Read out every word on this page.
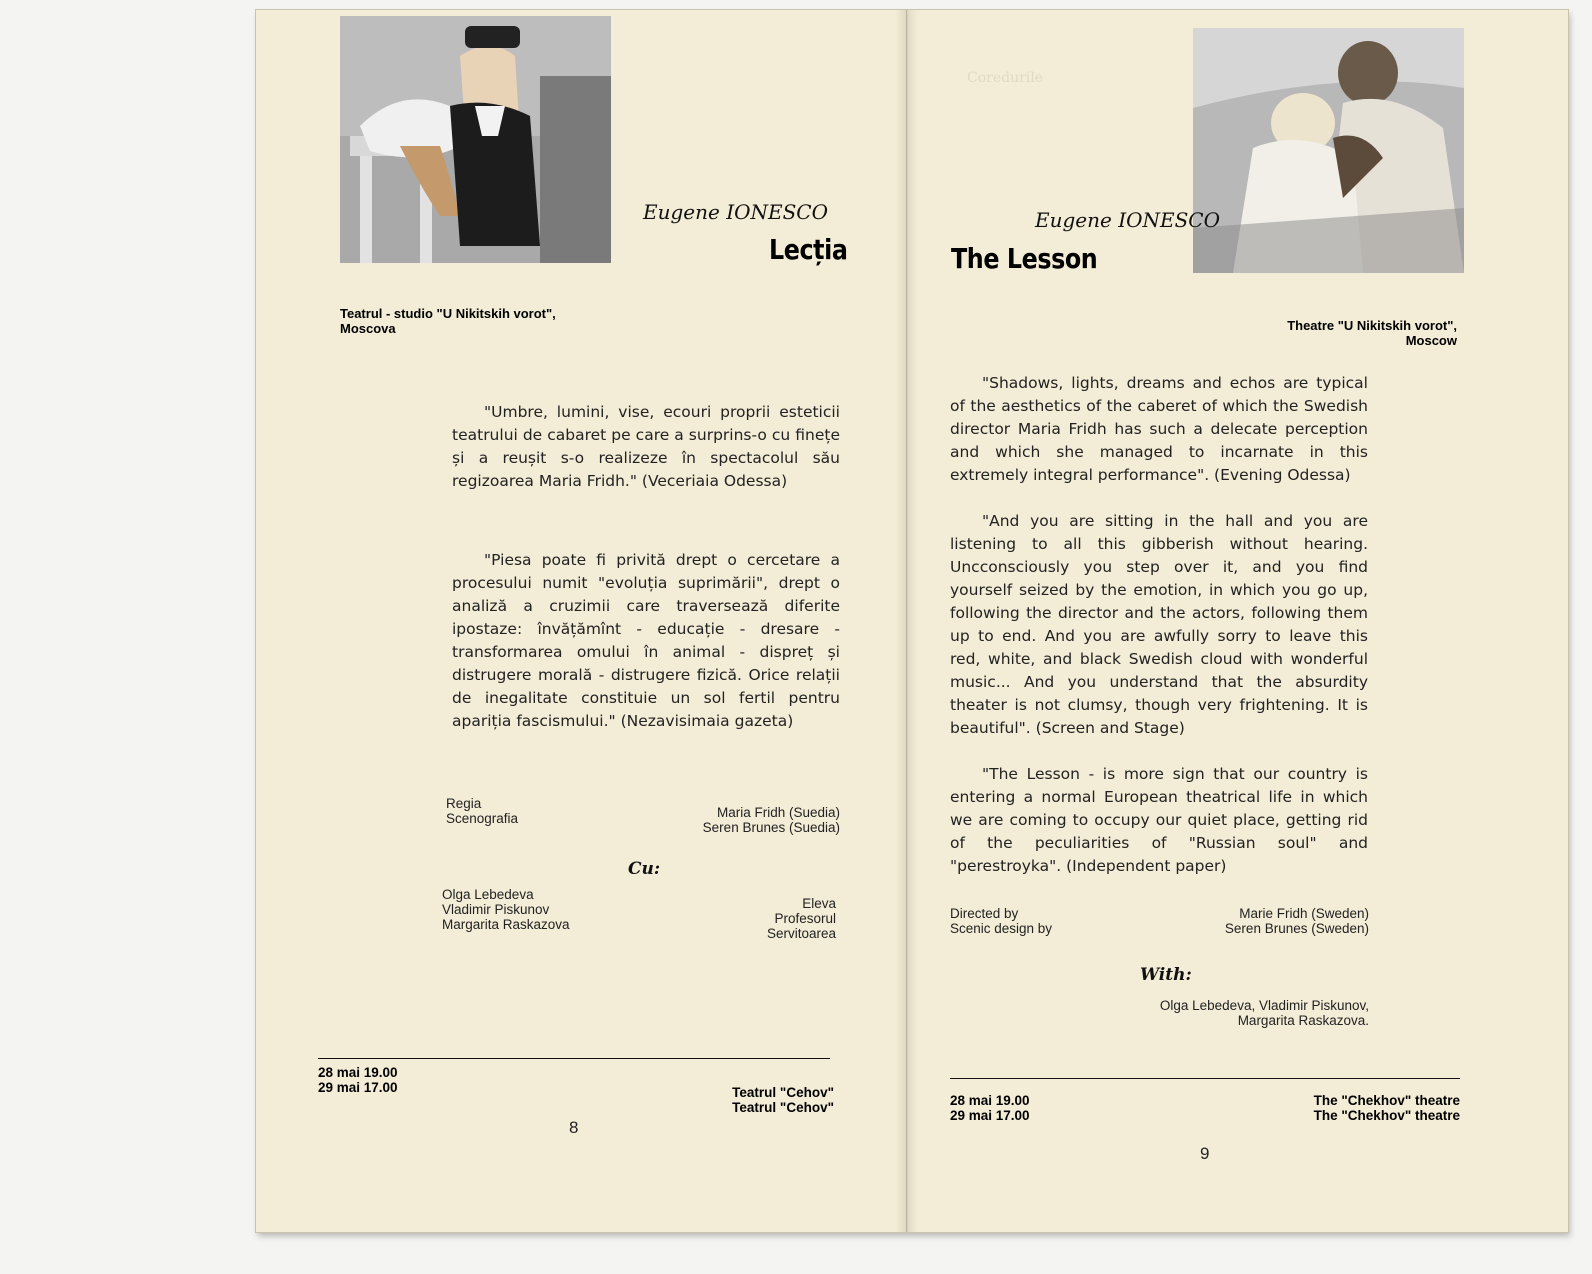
Eugene IONESCO
Lecția
Teatrul - studio "U Nikitskih vorot",
Moscova

"Umbre, lumini, vise, ecouri proprii esteticii teatrului de cabaret pe care a surprins-o cu finețe și a reușit s-o realizeze în spectacolul său regizoarea Maria Fridh." (Veceriaia Odessa)

"Piesa poate fi privită drept o cercetare a procesului numit "evoluția suprimării", drept o analiză a cruzimii care traversează diferite ipostaze: învățămînt - educație - dresare - transformarea omului în animal - dispreț și distrugere morală - distrugere fizică. Orice relații de inegalitate constituie un sol fertil pentru apariția fascismului." (Nezavisimaia gazeta)

Regia
Scenografia	Maria Fridh (Suedia)
Seren Brunes (Suedia)
Cu:
Olga Lebedeva
Vladimir Piskunov
Margarita Raskazova
Eleva
Profesorul
Servitoarea
28 mai 19.00
29 mai 17.00	Teatrul "Cehov"
Teatrul "Cehov"
8
Coredurile
Eugene IONESCO
The Lesson
Theatre "U Nikitskih vorot",
Moscow

"Shadows, lights, dreams and echos are typical of the aesthetics of the caberet of which the Swedish director Maria Fridh has such a delecate perception and which she managed to incarnate in this extremely integral performance". (Evening Odessa)

"And you are sitting in the hall and you are listening to all this gibberish without hearing. Uncconsciously you step over it, and you find yourself seized by the emotion, in which you go up, following the director and the actors, following them up to end. And you are awfully sorry to leave this red, white, and black Swedish cloud with wonderful music... And you understand that the absurdity theater is not clumsy, though very frightening. It is beautiful". (Screen and Stage)

"The Lesson - is more sign that our country is entering a normal European theatrical life in which we are coming to occupy our quiet place, getting rid of the peculiarities of "Russian soul" and "perestroyka". (Independent paper)

Directed by
Scenic design by
Marie Fridh (Sweden)
Seren Brunes (Sweden)
With:
Olga Lebedeva, Vladimir Piskunov,
Margarita Raskazova.
28 mai 19.00
29 mai 17.00
The "Chekhov" theatre
The "Chekhov" theatre
9
